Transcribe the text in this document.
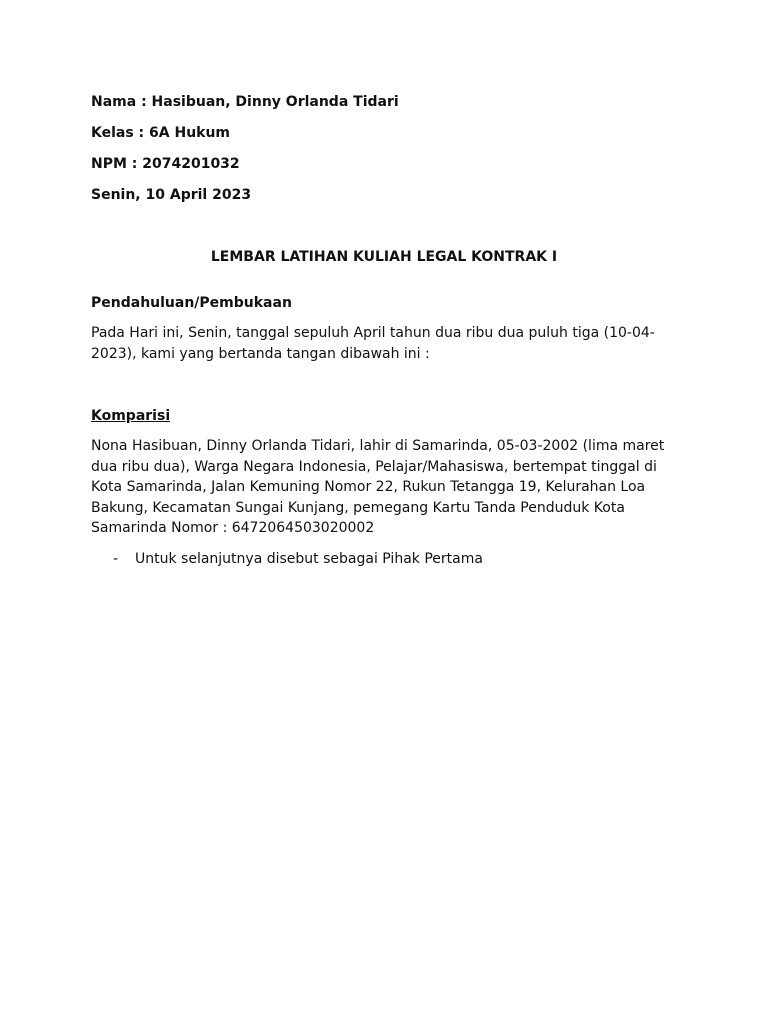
Nama : Hasibuan, Dinny Orlanda Tidari

Kelas : 6A Hukum

NPM : 2074201032

Senin, 10 April 2023

LEMBAR LATIHAN KULIAH LEGAL KONTRAK I

Pendahuluan/Pembukaan

Pada Hari ini, Senin, tanggal sepuluh April tahun dua ribu dua puluh tiga (10-04-

2023), kami yang bertanda tangan dibawah ini :

Komparisi

Nona Hasibuan, Dinny Orlanda Tidari, lahir di Samarinda, 05-03-2002 (lima maret

dua ribu dua), Warga Negara Indonesia, Pelajar/Mahasiswa, bertempat tinggal di

Kota Samarinda, Jalan Kemuning Nomor 22, Rukun Tetangga 19, Kelurahan Loa

Bakung, Kecamatan Sungai Kunjang, pemegang Kartu Tanda Penduduk Kota

Samarinda Nomor : 6472064503020002

- Untuk selanjutnya disebut sebagai Pihak Pertama
